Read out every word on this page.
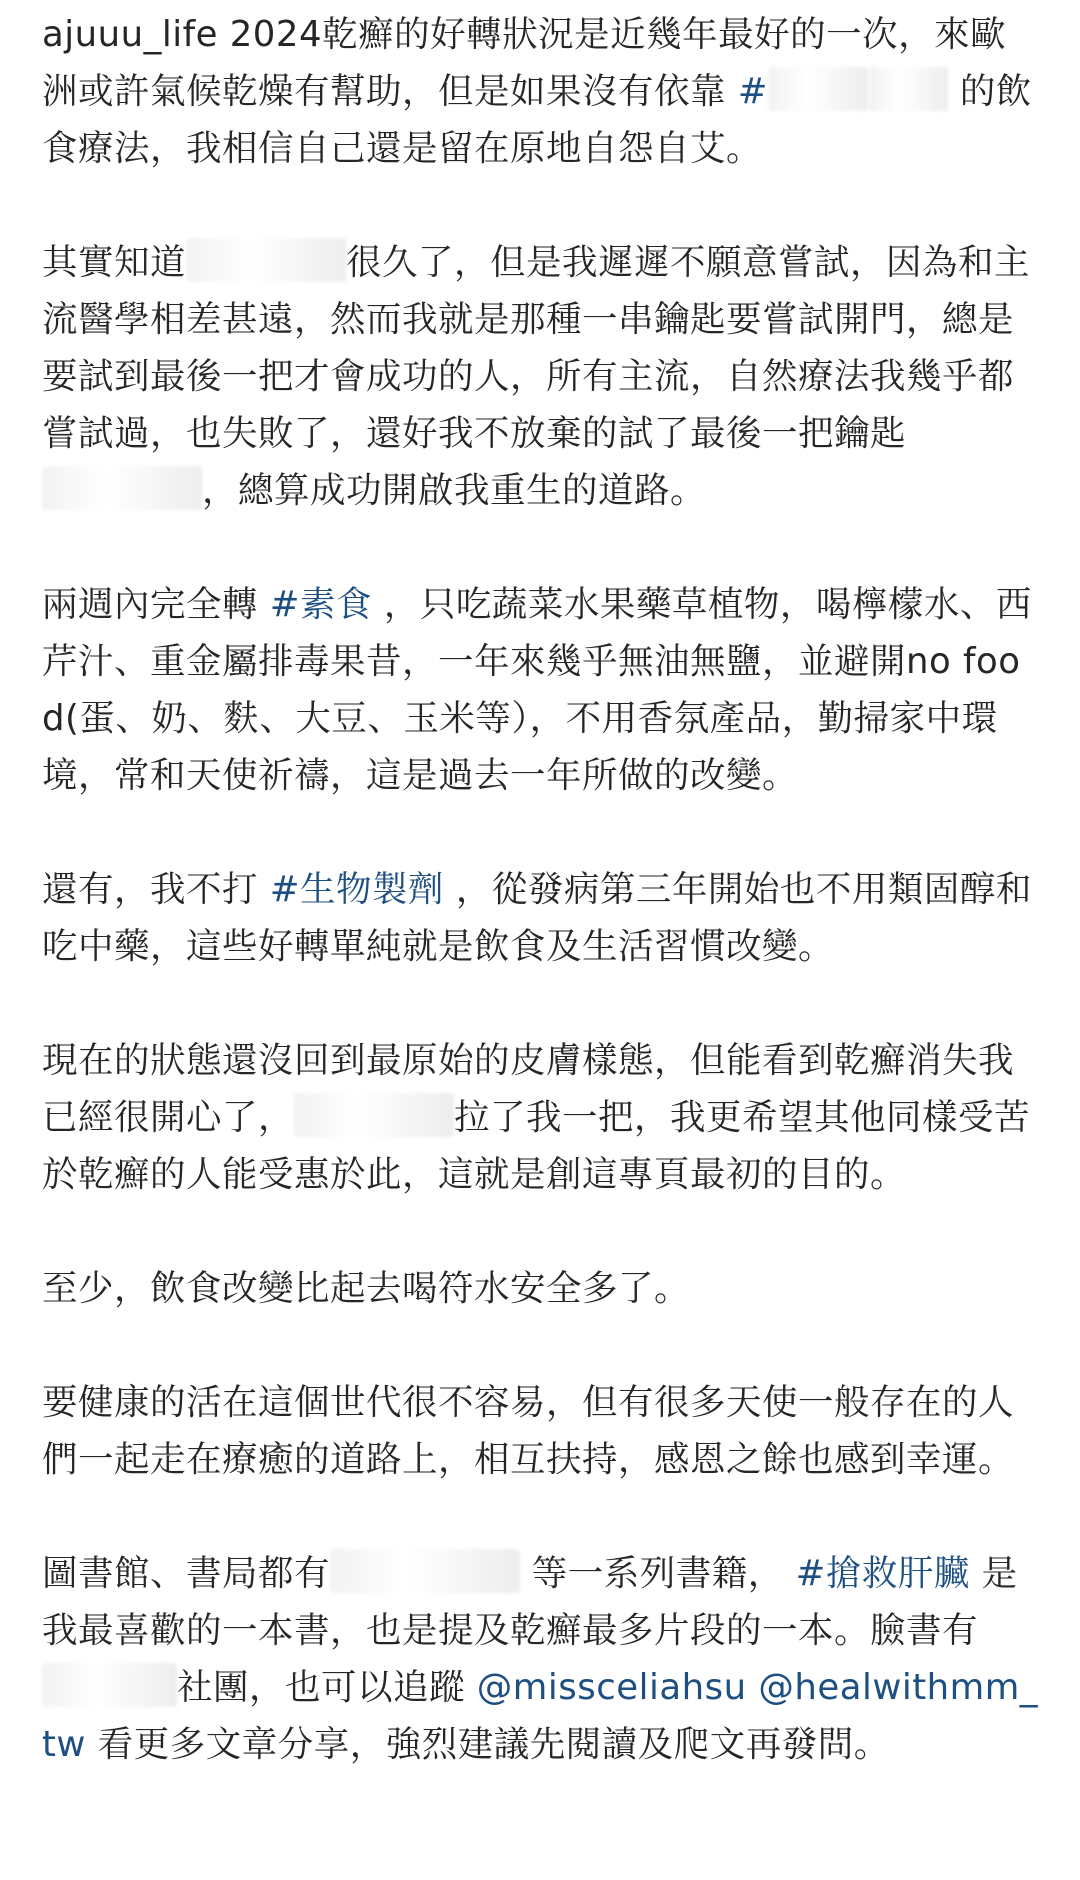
ajuuu_life 2024乾癬的好轉狀況是近幾年最好的一次，來歐洲或許氣候乾燥有幫助，但是如果沒有依靠 #	的飲食療法，我相信自己還是留在原地自怨自艾。

其實知道	很久了，但是我遲遲不願意嘗試，因為和主流醫學相差甚遠，然而我就是那種一串鑰匙要嘗試開門，總是要試到最後一把才會成功的人，所有主流，自然療法我幾乎都嘗試過，也失敗了，還好我不放棄的試了最後一把鑰匙，總算成功開啟我重生的道路。

兩週內完全轉 #素食 ，只吃蔬菜水果藥草植物，喝檸檬水、西芹汁、重金屬排毒果昔，一年來幾乎無油無鹽，並避開no food(蛋、奶、麩、大豆、玉米等），不用香氛產品，勤掃家中環境，常和天使祈禱，這是過去一年所做的改變。

還有，我不打 #生物製劑 ，從發病第三年開始也不用類固醇和吃中藥，這些好轉單純就是飲食及生活習慣改變。

現在的狀態還沒回到最原始的皮膚樣態，但能看到乾癬消失我已經很開心了，	拉了我一把，我更希望其他同樣受苦於乾癬的人能受惠於此，這就是創這專頁最初的目的。

至少，飲食改變比起去喝符水安全多了。

要健康的活在這個世代很不容易，但有很多天使一般存在的人們一起走在療癒的道路上，相互扶持，感恩之餘也感到幸運。

圖書館、書局都有	等一系列書籍， #搶救肝臟 是我最喜歡的一本書，也是提及乾癬最多片段的一本。臉書有社團，也可以追蹤 @missceliahsu @healwithmm_tw 看更多文章分享，強烈建議先閱讀及爬文再發問。
